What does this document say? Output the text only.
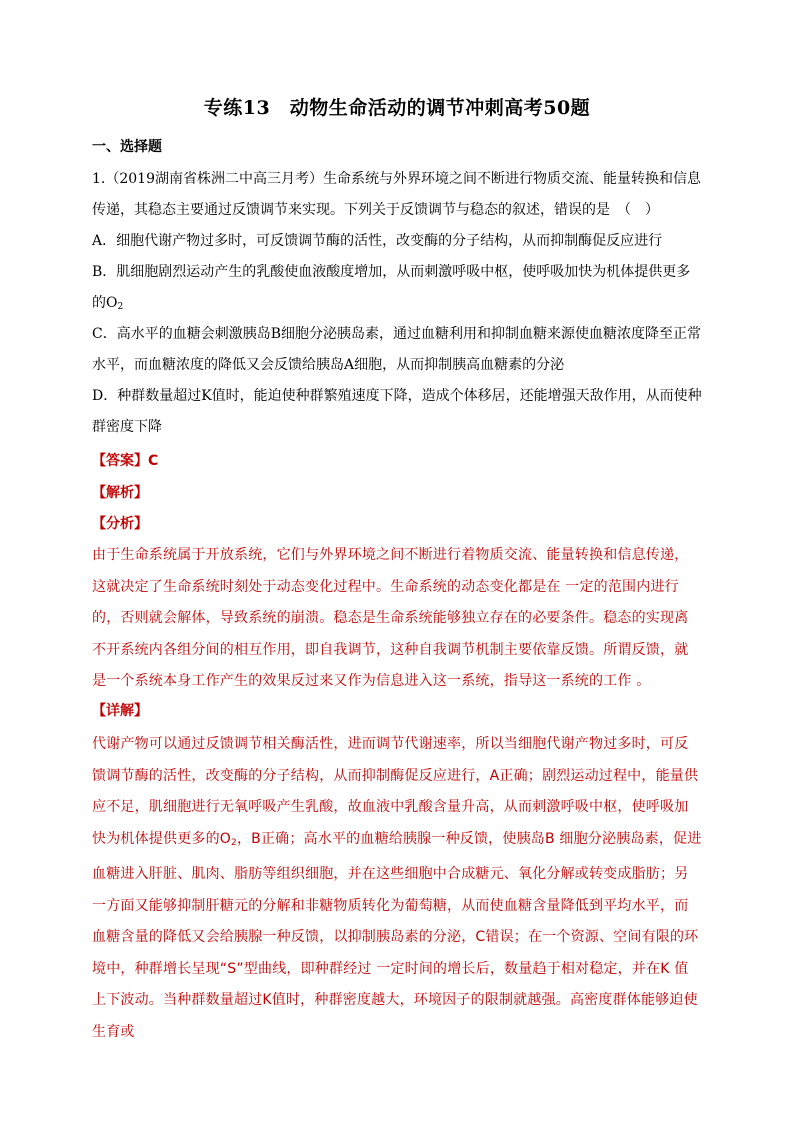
专练13　动物生命活动的调节冲刺高考50题
一、选择题
1.（2019湖南省株洲二中高三月考）生命系统与外界环境之间不断进行物质交流、能量转换和信息传递，其稳态主要通过反馈调节来实现。下列关于反馈调节与稳态的叙述，错误的是　（　）
A．细胞代谢产物过多时，可反馈调节酶的活性，改变酶的分子结构，从而抑制酶促反应进行
B．肌细胞剧烈运动产生的乳酸使血液酸度增加，从而刺激呼吸中枢，使呼吸加快为机体提供更多的$O_2$
C．高水平的血糖会刺激胰岛B细胞分泌胰岛素，通过血糖利用和抑制血糖来源使血糖浓度降至正常水平，而血糖浓度的降低又会反馈给胰岛A细胞，从而抑制胰高血糖素的分泌
D．种群数量超过K值时，能迫使种群繁殖速度下降，造成个体移居，还能增强天敌作用，从而使种群密度下降
【答案】C
【解析】
【分析】
由于生命系统属于开放系统，它们与外界环境之间不断进行着物质交流、能量转换和信息传递，这就决定了生命系统时刻处于动态变化过程中。生命系统的动态变化都是在 一定的范围内进行的，否则就会解体，导致系统的崩溃。稳态是生命系统能够独立存在的必要条件。稳态的实现离不开系统内各组分间的相互作用，即自我调节，这种自我调节机制主要依靠反馈。所谓反馈，就是一个系统本身工作产生的效果反过来又作为信息进入这一系统，指导这一系统的工作 。
【详解】
代谢产物可以通过反馈调节相关酶活性，进而调节代谢速率，所以当细胞代谢产物过多时，可反馈调节酶的活性，改变酶的分子结构，从而抑制酶促反应进行，A正确；剧烈运动过程中，能量供应不足，肌细胞进行无氧呼吸产生乳酸，故血液中乳酸含量升高，从而刺激呼吸中枢，使呼吸加快为机体提供更多的$O_2$，B正确；高水平的血糖给胰腺一种反馈，使胰岛B 细胞分泌胰岛素，促进血糖进入肝脏、肌肉、脂肪等组织细胞，并在这些细胞中合成糖元、氧化分解或转变成脂肪；另一方面又能够抑制肝糖元的分解和非糖物质转化为葡萄糖，从而使血糖含量降低到平均水平，而血糖含量的降低又会给胰腺一种反馈，以抑制胰岛素的分泌，C错误；在一个资源、空间有限的环境中，种群增长呈现“S”型曲线，即种群经过 一定时间的增长后，数量趋于相对稳定，并在K 值上下波动。当种群数量超过K值时，种群密度越大，环境因子的限制就越强。高密度群体能够迫使生育或
